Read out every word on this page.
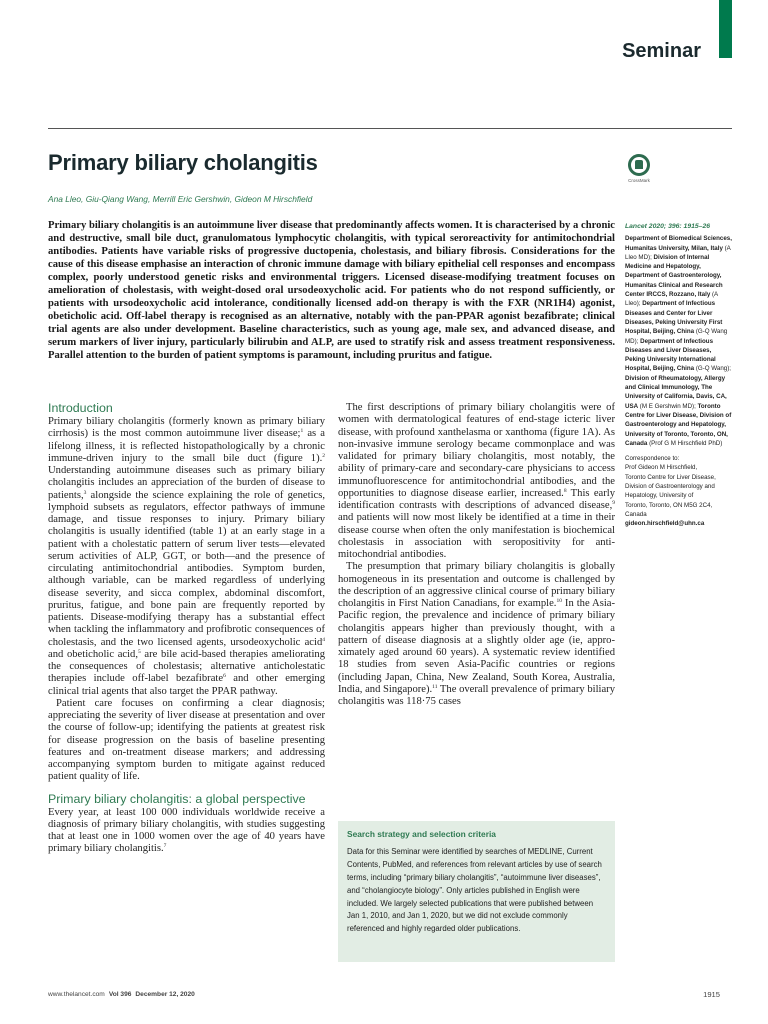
Seminar
Primary biliary cholangitis
CrossMark
Ana Lleo, Giu-Qiang Wang, Merrill Eric Gershwin, Gideon M Hirschfield
Primary biliary cholangitis is an autoimmune liver disease that predominantly affects women. It is characterised by a chronic and destructive, small bile duct, granulomatous lymphocytic cholangitis, with typical seroreactivity for antimitochondrial antibodies. Patients have variable risks of progressive ductopenia, cholestasis, and biliary fibrosis. Considerations for the cause of this disease emphasise an interaction of chronic immune damage with biliary epithelial cell responses and encompass complex, poorly understood genetic risks and environmental triggers. Licensed disease-modifying treatment focuses on amelioration of cholestasis, with weight-dosed oral ursodeoxycholic acid. For patients who do not respond sufficiently, or patients with ursodeoxycholic acid intolerance, conditionally licensed add-on therapy is with the FXR (NR1H4) agonist, obeticholic acid. Off-label therapy is recognised as an alternative, notably with the pan-PPAR agonist bezafibrate; clinical trial agents are also under development. Baseline characteristics, such as young age, male sex, and advanced disease, and serum markers of liver injury, particularly bilirubin and ALP, are used to stratify risk and assess treatment responsiveness. Parallel attention to the burden of patient symptoms is paramount, including pruritus and fatigue.
Lancet 2020; 396: 1915–26
Department of Biomedical Sciences, Humanitas University, Milan, Italy (A Lleo MD); Division of Internal Medicine and Hepatology, Department of Gastroenterology, Humanitas Clinical and Research Center IRCCS, Rozzano, Italy (A Lleo); Department of Infectious Diseases and Center for Liver Diseases, Peking University First Hospital, Beijing, China (G-Q Wang MD); Department of Infectious Diseases and Liver Diseases, Peking University International Hospital, Beijing, China (G-Q Wang); Division of Rheumatology, Allergy and Clinical Immunology, The University of California, Davis, CA, USA (M E Gershwin MD); Toronto Centre for Liver Disease, Division of Gastroenterology and Hepatology, University of Toronto, Toronto, ON, Canada (Prof G M Hirschfield PhD)
Correspondence to:
Prof Gideon M Hirschfield,
Toronto Centre for Liver Disease,
Division of Gastroenterology and
Hepatology, University of
Toronto, Toronto, ON M5G 2C4,
Canada
gideon.hirschfield@uhn.ca
Introduction

Primary biliary cholangitis (formerly known as primary biliary cirrhosis) is the most common autoimmune liver disease;$^1$ as a lifelong illness, it is reflected histopathologically by a chronic immune-driven injury to the small bile duct (figure 1).$^2$ Understanding autoimmune diseases such as primary biliary cholangitis includes an appreciation of the burden of disease to patients,$^3$ alongside the science explaining the role of genetics, lymphoid subsets as regulators, effector pathways of immune damage, and tissue responses to injury. Primary biliary cholangitis is usually identified (table 1) at an early stage in a patient with a cholestatic pattern of serum liver tests—elevated serum activities of ALP, GGT, or both—and the presence of circulating antimitochondrial antibodies. Symptom burden, although variable, can be marked regardless of underlying disease severity, and sicca complex, abdominal discomfort, pruritus, fatigue, and bone pain are frequently reported by patients. Disease-modifying therapy has a substantial effect when tackling the inflammatory and profibrotic consequences of cholestasis, and the two licensed agents, ursodeoxycholic acid$^4$ and obeticholic acid,$^5$ are bile acid-based therapies ameliorating the consequences of cholestasis; alternative anticholestatic therapies include off-label bezafibrate$^6$ and other emerging clinical trial agents that also target the PPAR pathway.

Patient care focuses on confirming a clear diagnosis; appreciating the severity of liver disease at presentation and over the course of follow-up; identifying the patients at greatest risk for disease progression on the basis of baseline presenting features and on-treatment disease markers; and addressing accompanying symptom burden to mitigate against reduced patient quality of life.

Primary biliary cholangitis: a global perspective

Every year, at least 100 000 individuals worldwide receive a diagnosis of primary biliary cholangitis, with studies suggesting that at least one in 1000 women over the age of 40 years have primary biliary cholangitis.$^7$

The first descriptions of primary biliary cholangitis were of women with dermatological features of end-stage icteric liver disease, with profound xanthelasma or xanthoma (figure 1A). As non-invasive immune serology became commonplace and was validated for primary biliary cholangitis, most notably, the ability of primary-care and secondary-care physicians to access immunofluorescence for antimitochondrial antibodies, and the opportunities to diagnose disease earlier, increased.$^8$ This early identification contrasts with descriptions of advanced disease,$^9$ and patients will now most likely be identified at a time in their disease course when often the only manifestation is biochemical cholestasis in association with seropositivity for antimitochondrial antibodies.

The presumption that primary biliary cholangitis is globally homogeneous in its presentation and outcome is challenged by the description of an aggressive clinical course of primary biliary cholangitis in First Nation Canadians, for example.$^{10}$ In the Asia-Pacific region, the prevalence and incidence of primary biliary cholangitis appears higher than previously thought, with a pattern of disease diagnosis at a slightly older age (ie, approximately aged around 60 years). A systematic review identified 18 studies from seven Asia-Pacific countries or regions (including Japan, China, New Zealand, South Korea, Australia, India, and Singapore).$^{11}$ The overall prevalence of primary biliary cholangitis was 118·75 cases

Search strategy and selection criteria
Data for this Seminar were identified by searches of MEDLINE, Current Contents, PubMed, and references from relevant articles by use of search terms, including “primary biliary cholangitis”, “autoimmune liver diseases”, and “cholangiocyte biology”. Only articles published in English were included. We largely selected publications that were published between Jan 1, 2010, and Jan 1, 2020, but we did not exclude commonly referenced and highly regarded older publications.
www.thelancet.com Vol 396 December 12, 2020	1915
